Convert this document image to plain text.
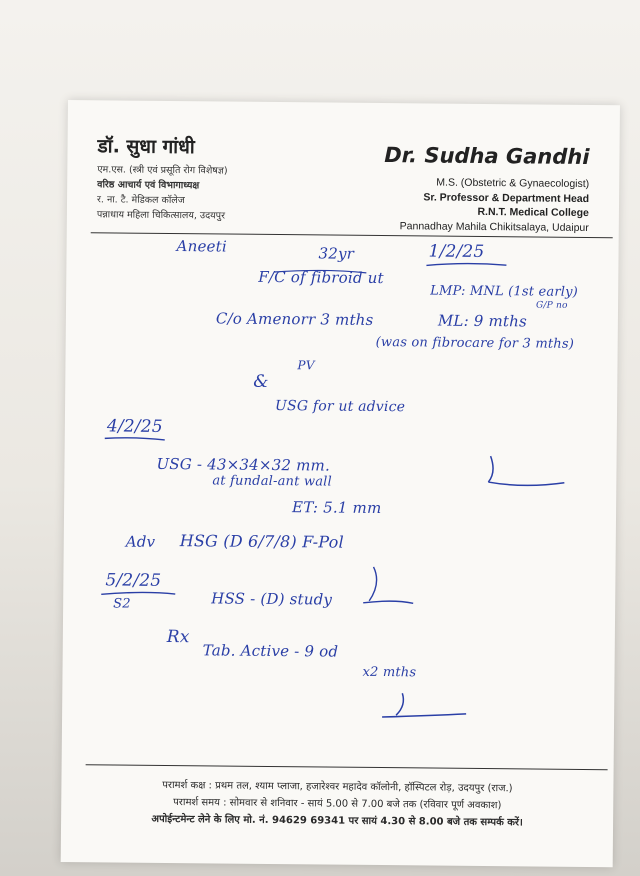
डॉ. सुधा गांधी
एम.एस. (स्त्री एवं प्रसूति रोग विशेषज्ञ)
वरिष्ठ आचार्य एवं विभागाध्यक्ष
र. ना. टै. मेडिकल कॉलेज
पन्नाधाय महिला चिकित्सालय, उदयपुर
Dr. Sudha Gandhi
M.S. (Obstetric & Gynaecologist)
Sr. Professor & Department Head
R.N.T. Medical College
Pannadhay Mahila Chikitsalaya, Udaipur
Aneeti	32yr	1/2/25
F/C of fibroid ut
LMP: MNL (1st early)
G/P no
C/o Amenorr 3 mths	ML: 9 mths
(was on fibrocare for 3 mths)
PV
&
USG for ut advice
4/2/25
USG - 43×34×32 mm.
at fundal-ant wall
ET: 5.1 mm
Adv HSG (D 6/7/8) F-Pol
5/2/25
S2	HSS - (D) study
Rx
Tab. Active - 9 od
x2 mths
परामर्श कक्ष : प्रथम तल, श्याम प्लाजा, हजारेश्वर महादेव कॉलोनी, हॉस्पिटल रोड़, उदयपुर (राज.)
परामर्श समय : सोमवार से शनिवार - सायं 5.00 से 7.00 बजे तक (रविवार पूर्ण अवकाश)
अपोईन्टमेन्ट लेने के लिए मो. नं. 94629 69341 पर सायं 4.30 से 8.00 बजे तक सम्पर्क करें।
